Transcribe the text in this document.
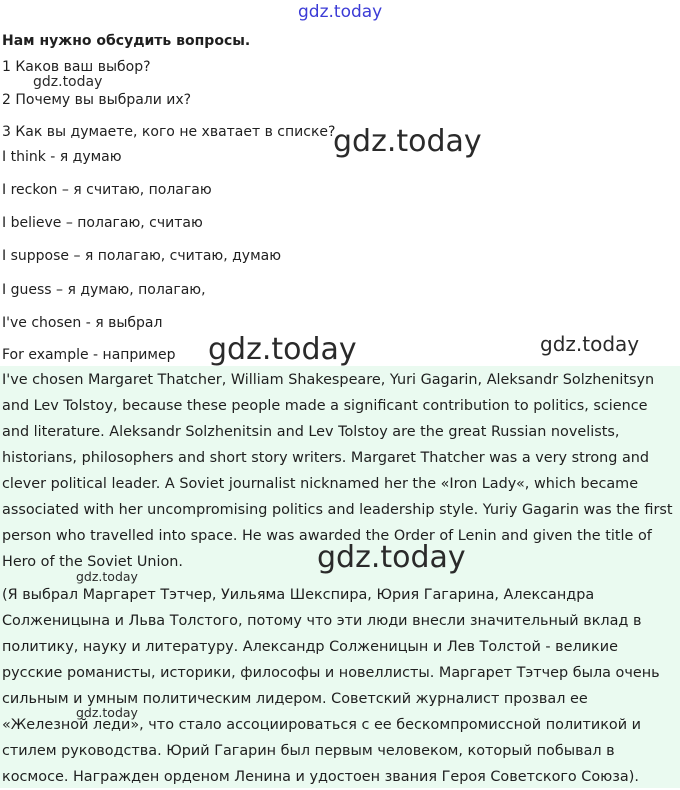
Нам нужно обсудить вопросы.

1 Каков ваш выбор?

2 Почему вы выбрали их?

3 Как вы думаете, кого не хватает в списке?

I think - я думаю

I reckon – я считаю, полагаю

I believe – полагаю, считаю

I suppose – я полагаю, считаю, думаю

I guess – я думаю, полагаю,

I've chosen - я выбрал

For example - например

I've chosen Margaret Thatcher, William Shakespeare, Yuri Gagarin, Aleksandr Solzhenitsyn and Lev Tolstoy, because these people made a significant contribution to politics, science and literature. Aleksandr Solzhenitsin and Lev Tolstoy are the great Russian novelists, historians, philosophers and short story writers. Margaret Thatcher was a very strong and clever political leader. A Soviet journalist nicknamed her the «Iron Lady«, which became associated with her uncompromising politics and leadership style. Yuriy Gagarin was the first person who travelled into space. He was awarded the Order of Lenin and given the title of Hero of the Soviet Union.

(Я выбрал Маргарет Тэтчер, Уильяма Шекспира, Юрия Гагарина, Александра Солженицына и Льва Толстого, потому что эти люди внесли значительный вклад в политику, науку и литературу. Александр Солженицын и Лев Толстой - великие русские романисты, историки, философы и новеллисты. Маргарет Тэтчер была очень сильным и умным политическим лидером. Советский журналист прозвал ее «Железной леди», что стало ассоциироваться с ее бескомпромиссной политикой и стилем руководства. Юрий Гагарин был первым человеком, который побывал в космосе. Награжден орденом Ленина и удостоен звания Героя Советского Союза).

gdz.today

gdz.today

gdz.today

gdz.today	gdz.today

gdz.today

gdz.today

gdz.today
